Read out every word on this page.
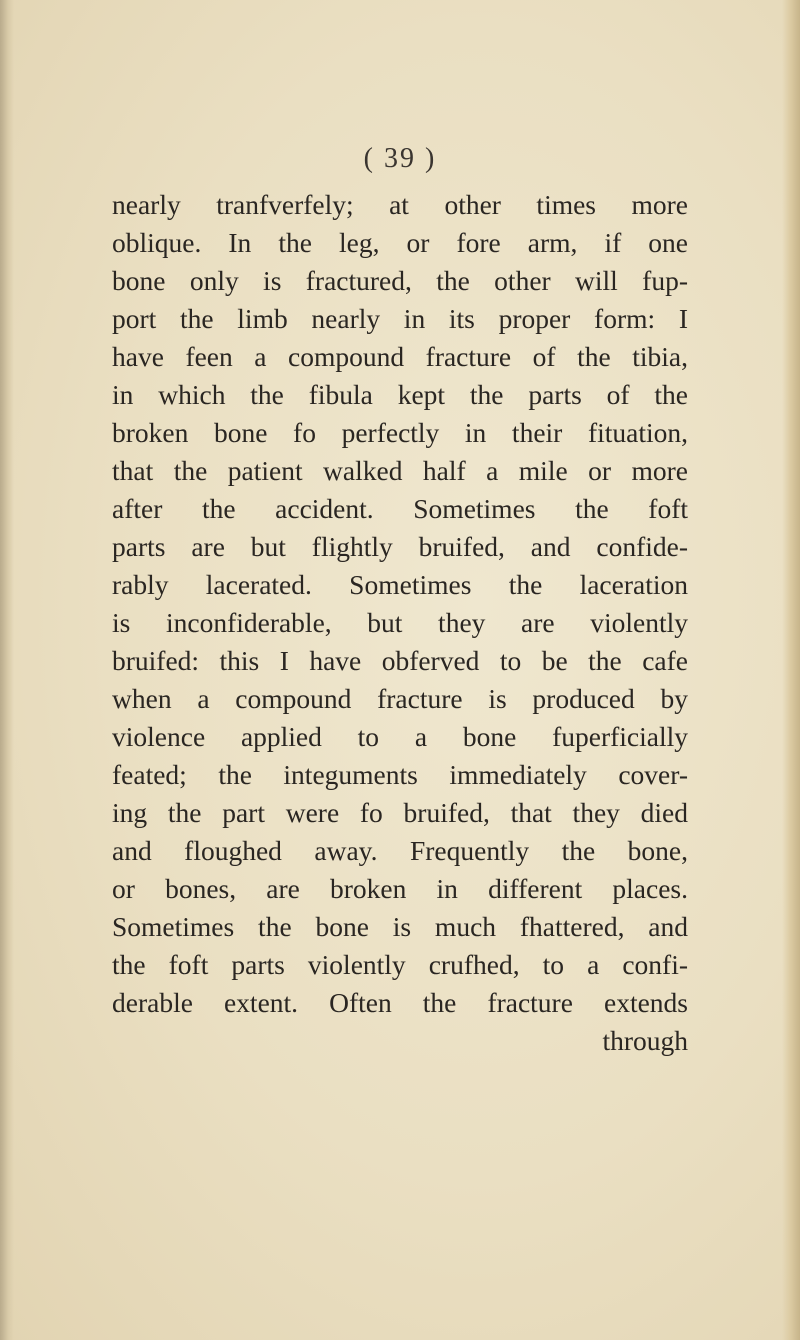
( 39 )
nearly tranfverfely; at other times more
oblique. In the leg, or fore arm, if one
bone only is fractured, the other will fup-
port the limb nearly in its proper form: I
have feen a compound fracture of the tibia,
in which the fibula kept the parts of the
broken bone fo perfectly in their fituation,
that the patient walked half a mile or more
after the accident. Sometimes the foft
parts are but flightly bruifed, and confide-
rably lacerated. Sometimes the laceration
is inconfiderable, but they are violently
bruifed: this I have obferved to be the cafe
when a compound fracture is produced by
violence applied to a bone fuperficially
feated; the integuments immediately cover-
ing the part were fo bruifed, that they died
and floughed away. Frequently the bone,
or bones, are broken in different places.
Sometimes the bone is much fhattered, and
the foft parts violently crufhed, to a confi-
derable extent. Often the fracture extends
through
